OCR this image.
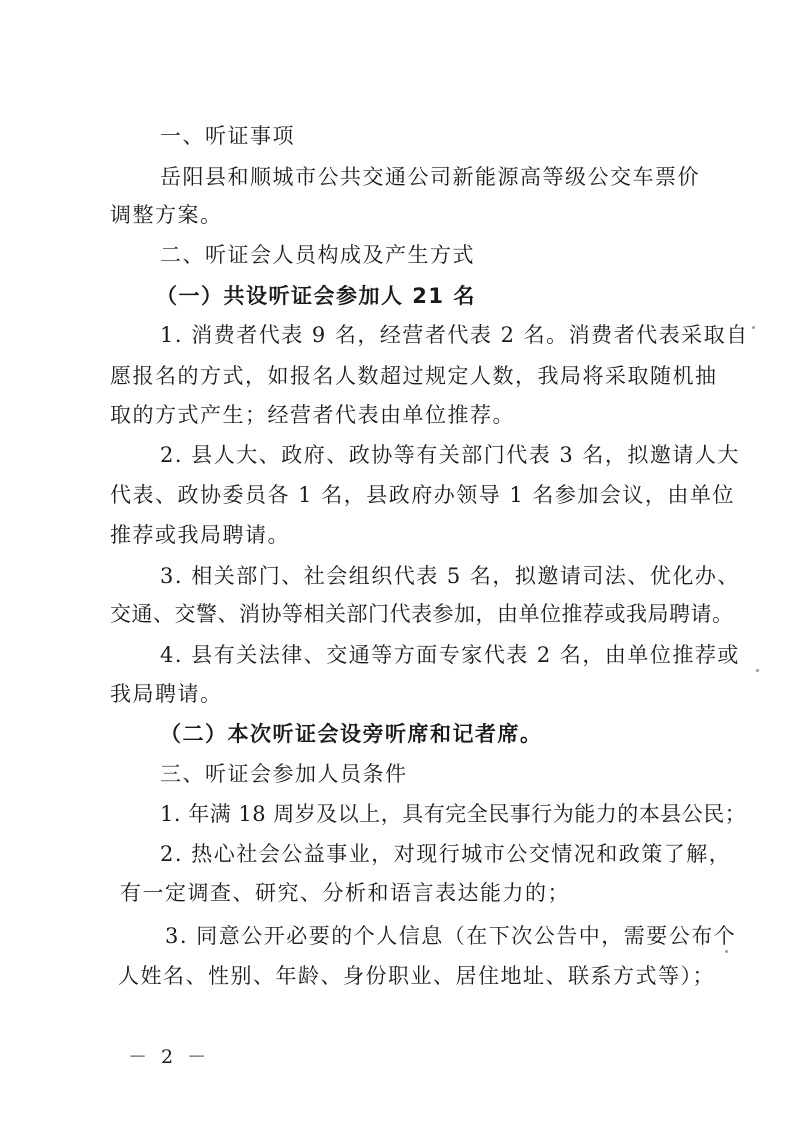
一、听证事项
岳阳县和顺城市公共交通公司新能源高等级公交车票价
调整方案。
二、听证会人员构成及产生方式
（一）共设听证会参加人 21 名
1. 消费者代表 9 名，经营者代表 2 名。消费者代表采取自
愿报名的方式，如报名人数超过规定人数，我局将采取随机抽
取的方式产生；经营者代表由单位推荐。
2. 县人大、政府、政协等有关部门代表 3 名，拟邀请人大
代表、政协委员各 1 名，县政府办领导 1 名参加会议，由单位
推荐或我局聘请。
3. 相关部门、社会组织代表 5 名，拟邀请司法、优化办、
交通、交警、消协等相关部门代表参加，由单位推荐或我局聘请。
4. 县有关法律、交通等方面专家代表 2 名，由单位推荐或
我局聘请。
（二）本次听证会设旁听席和记者席。
三、听证会参加人员条件
1. 年满 18 周岁及以上，具有完全民事行为能力的本县公民；
2. 热心社会公益事业，对现行城市公交情况和政策了解，
有一定调查、研究、分析和语言表达能力的；
3. 同意公开必要的个人信息（在下次公告中，需要公布个
人姓名、性别、年龄、身份职业、居住地址、联系方式等）；
－ 2 －
